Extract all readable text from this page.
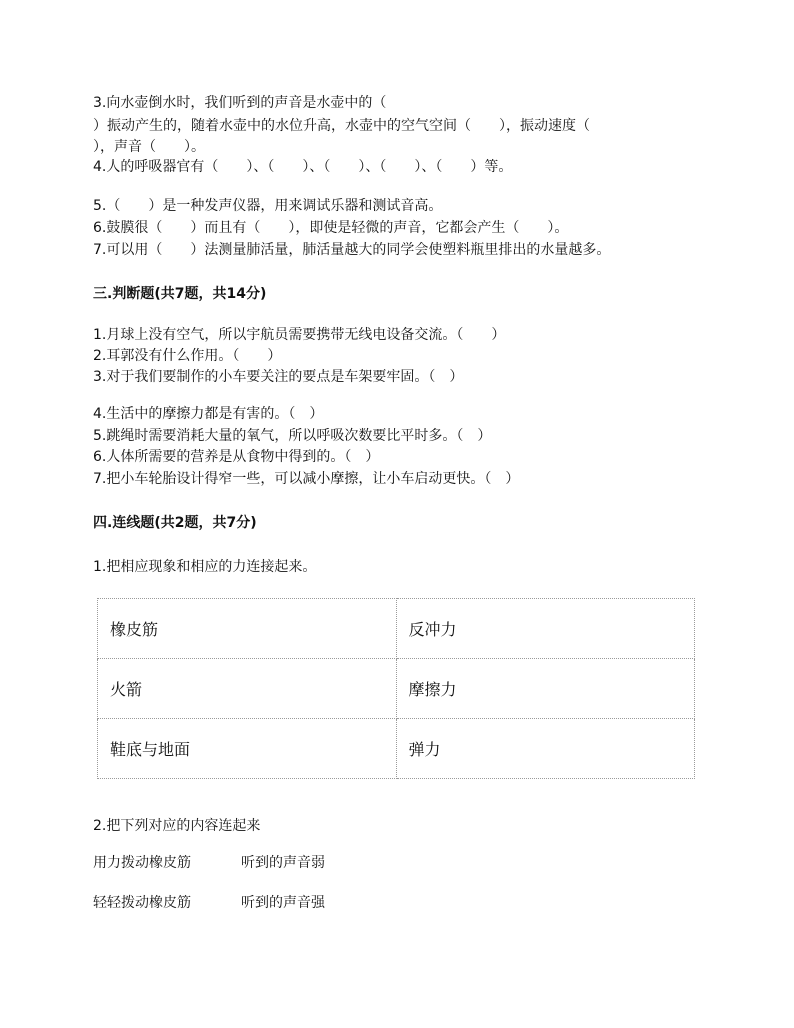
3.向水壶倒水时，我们听到的声音是水壶中的（
）振动产生的，随着水壶中的水位升高，水壶中的空气空间（　　），振动速度（
），声音（　　）。
4.人的呼吸器官有（　　）、（　　）、（　　）、（　　）、（　　）等。
5.（　　）是一种发声仪器，用来调试乐器和测试音高。
6.鼓膜很（　　）而且有（　　），即使是轻微的声音，它都会产生（　　）。
7.可以用（　　）法测量肺活量，肺活量越大的同学会使塑料瓶里排出的水量越多。
三.判断题(共7题，共14分)
1.月球上没有空气，所以宇航员需要携带无线电设备交流。（　　）
2.耳郭没有什么作用。（　　）
3.对于我们要制作的小车要关注的要点是车架要牢固。（　）
4.生活中的摩擦力都是有害的。（　）
5.跳绳时需要消耗大量的氧气，所以呼吸次数要比平时多。（　）
6.人体所需要的营养是从食物中得到的。（　）
7.把小车轮胎设计得窄一些，可以减小摩擦，让小车启动更快。（　）
四.连线题(共2题，共7分)
1.把相应现象和相应的力连接起来。
橡皮筋	反冲力
火箭	摩擦力
鞋底与地面	弹力
2.把下列对应的内容连起来
用力拨动橡皮筋	听到的声音弱
轻轻拨动橡皮筋	听到的声音强
